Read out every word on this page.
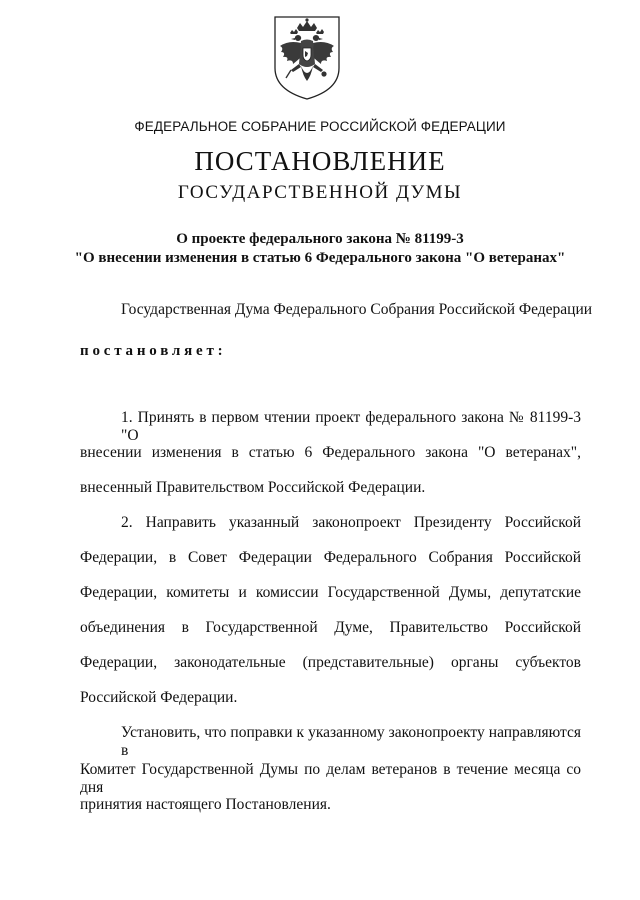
ФЕДЕРАЛЬНОЕ СОБРАНИЕ РОССИЙСКОЙ ФЕДЕРАЦИИ
ПОСТАНОВЛЕНИЕ
ГОСУДАРСТВЕННОЙ ДУМЫ
О проекте федерального закона № 81199-3
"О внесении изменения в статью 6 Федерального закона "О ветеранах"
Государственная Дума Федерального Собрания Российской Федерации
постановляет:
1. Принять в первом чтении проект федерального закона № 81199-3 "О
внесении изменения в статью 6 Федерального закона "О ветеранах",
внесенный Правительством Российской Федерации.
2. Направить указанный законопроект Президенту Российской
Федерации, в Совет Федерации Федерального Собрания Российской
Федерации, комитеты и комиссии Государственной Думы, депутатские
объединения в Государственной Думе, Правительство Российской
Федерации, законодательные (представительные) органы субъектов
Российской Федерации.
Установить, что поправки к указанному законопроекту направляются в
Комитет Государственной Думы по делам ветеранов в течение месяца со дня
принятия настоящего Постановления.
